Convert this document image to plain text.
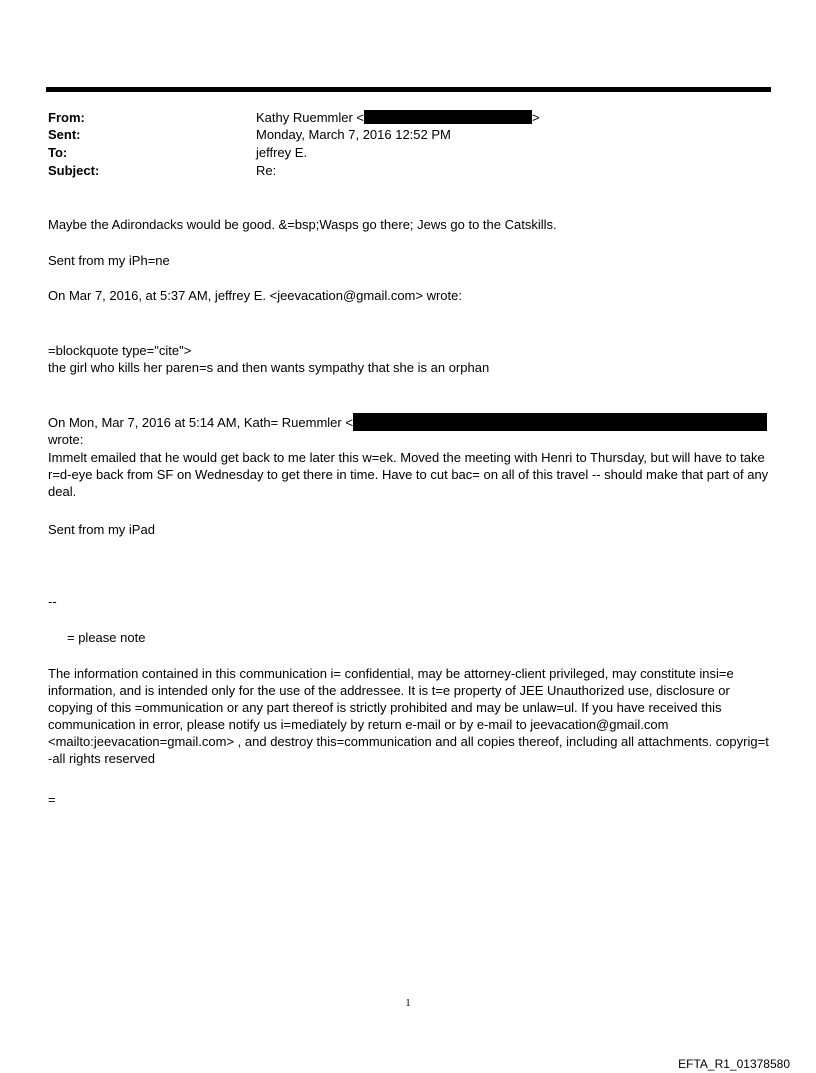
From:	Kathy Ruemmler <	>
Sent:	Monday, March 7, 2016 12:52 PM
To:	jeffrey E.
Subject:	Re:
Maybe the Adirondacks would be good. &=bsp;Wasps go there; Jews go to the Catskills.
Sent from my iPh=ne
On Mar 7, 2016, at 5:37 AM, jeffrey E. <jeevacation@gmail.com> wrote:
=blockquote type="cite">
the girl who kills her paren=s and then wants sympathy that she is an orphan
On Mon, Mar 7, 2016 at 5:14 AM, Kath= Ruemmler <
wrote:
Immelt emailed that he would get back to me later this w=ek. Moved the meeting with Henri to Thursday, but will have to take r=d-eye back from SF on Wednesday to get there in time. Have to cut bac= on all of this travel -- should make that part of any deal.
Sent from my iPad
--
= please note
The information contained in this communication i= confidential, may be attorney-client privileged, may constitute insi=e information, and is intended only for the use of the addressee. It is t=e property of JEE Unauthorized use, disclosure or copying of this =ommunication or any part thereof is strictly prohibited and may be unlaw=ul. If you have received this communication in error, please notify us i=mediately by return e-mail or by e-mail to jeevacation@gmail.com <mailto:jeevacation=gmail.com> , and destroy this=communication and all copies thereof, including all attachments. copyrig=t -all rights reserved
=
1
EFTA_R1_01378580
